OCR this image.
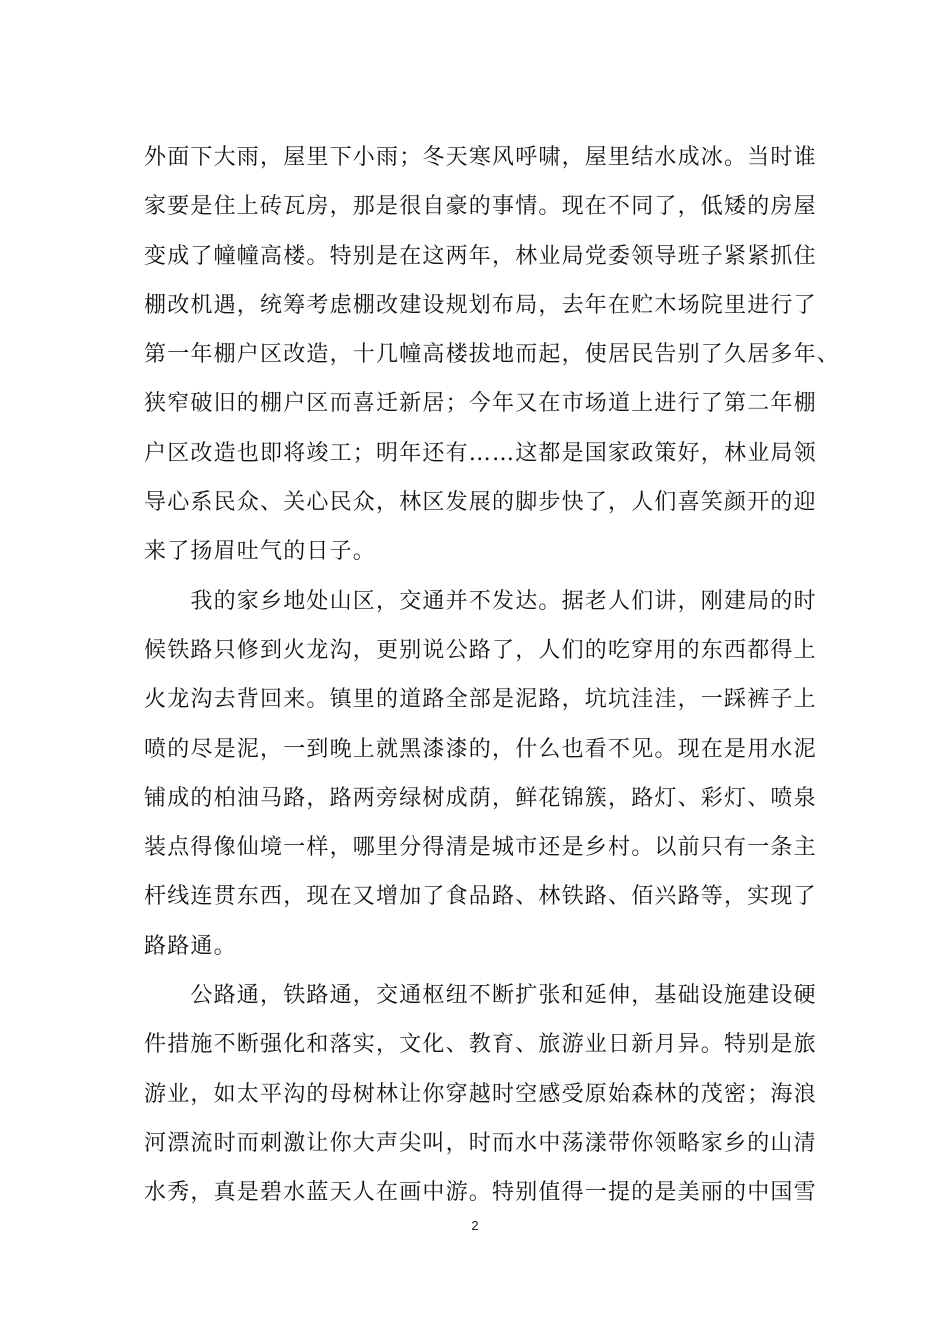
外面下大雨，屋里下小雨；冬天寒风呼啸，屋里结水成冰。当时谁
家要是住上砖瓦房，那是很自豪的事情。现在不同了，低矮的房屋
变成了幢幢高楼。特别是在这两年，林业局党委领导班子紧紧抓住
棚改机遇，统筹考虑棚改建设规划布局，去年在贮木场院里进行了
第一年棚户区改造，十几幢高楼拔地而起，使居民告别了久居多年、
狭窄破旧的棚户区而喜迁新居；今年又在市场道上进行了第二年棚
户区改造也即将竣工；明年还有……这都是国家政策好，林业局领
导心系民众、关心民众，林区发展的脚步快了，人们喜笑颜开的迎
来了扬眉吐气的日子。
　　我的家乡地处山区，交通并不发达。据老人们讲，刚建局的时
候铁路只修到火龙沟，更别说公路了，人们的吃穿用的东西都得上
火龙沟去背回来。镇里的道路全部是泥路，坑坑洼洼，一踩裤子上
喷的尽是泥，一到晚上就黑漆漆的，什么也看不见。现在是用水泥
铺成的柏油马路，路两旁绿树成荫，鲜花锦簇，路灯、彩灯、喷泉
装点得像仙境一样，哪里分得清是城市还是乡村。以前只有一条主
杆线连贯东西，现在又增加了食品路、林铁路、佰兴路等，实现了
路路通。
　　公路通，铁路通，交通枢纽不断扩张和延伸，基础设施建设硬
件措施不断强化和落实，文化、教育、旅游业日新月异。特别是旅
游业，如太平沟的母树林让你穿越时空感受原始森林的茂密；海浪
河漂流时而刺激让你大声尖叫，时而水中荡漾带你领略家乡的山清
水秀，真是碧水蓝天人在画中游。特别值得一提的是美丽的中国雪
2
